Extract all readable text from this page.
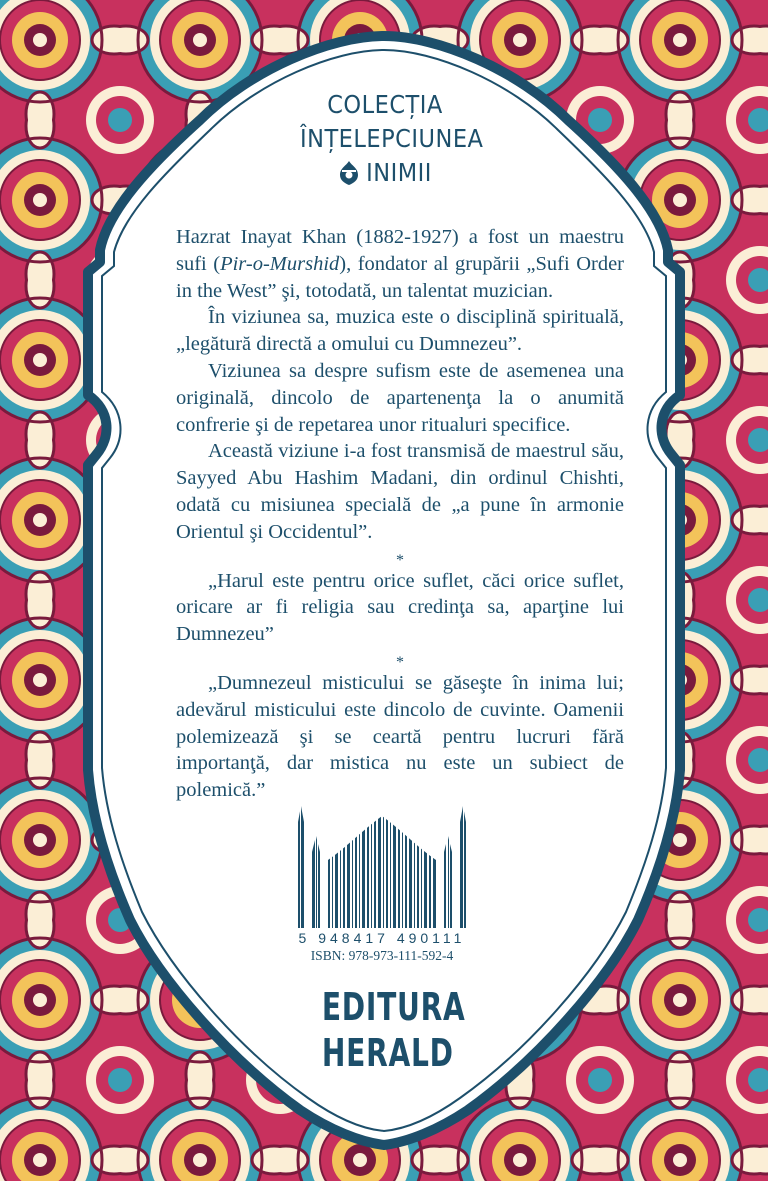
COLECȚIA
ÎNȚELEPCIUNEA
INIMII

Hazrat Inayat Khan (1882-1927) a fost un maestru sufi (Pir-o-Murshid), fondator al grupării „Sufi Order in the West” şi, totodată, un talentat muzician.

În viziunea sa, muzica este o disciplină spirituală, „legătură directă a omului cu Dumnezeu”.

Viziunea sa despre sufism este de asemenea una originală, dincolo de apartenenţa la o anumită confrerie şi de repetarea unor ritualuri specifice.

Această viziune i-a fost transmisă de maestrul său, Sayyed Abu Hashim Madani, din ordinul Chishti, odată cu misiunea specială de „a pune în armonie Orientul şi Occidentul”.

*

„Harul este pentru orice suflet, căci orice suflet, oricare ar fi religia sau credinţa sa, aparţine lui Dumnezeu”

*

„Dumnezeul misticului se găseşte în inima lui; adevărul misticului este dincolo de cuvinte. Oamenii polemizează şi se ceartă pentru lucruri fără importanţă, dar mistica nu este un subiect de polemică.”

5 948417 490111
ISBN: 978-973-111-592-4
EDITURA
HERALD
